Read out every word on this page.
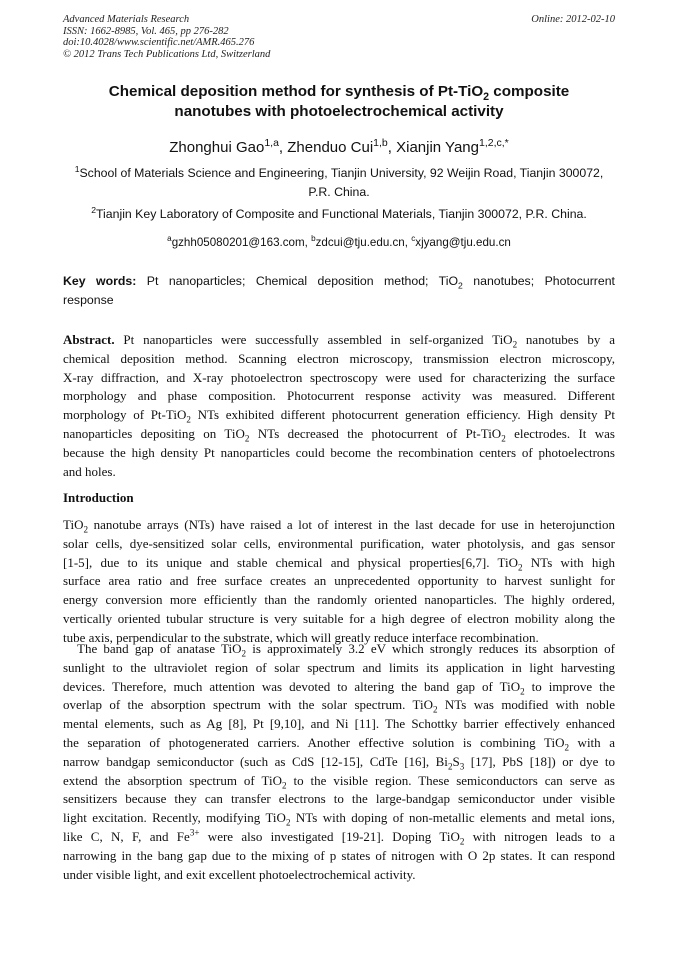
Advanced Materials Research
ISSN: 1662-8985, Vol. 465, pp 276-282
doi:10.4028/www.scientific.net/AMR.465.276
© 2012 Trans Tech Publications Ltd, Switzerland
Online: 2012-02-10
Chemical deposition method for synthesis of Pt-TiO$_2$ composite
nanotubes with photoelectrochemical activity
Zhonghui Gao$^{1,a}$, Zhenduo Cui$^{1,b}$, Xianjin Yang$^{1,2,c,*}$
$^1$School of Materials Science and Engineering, Tianjin University, 92 Weijin Road, Tianjin 300072,
P.R. China.
$^2$Tianjin Key Laboratory of Composite and Functional Materials, Tianjin 300072, P.R. China.
$^a$gzhh05080201@163.com, $^b$zdcui@tju.edu.cn, $^c$xjyang@tju.edu.cn
Key words: Pt nanoparticles; Chemical deposition method; TiO$_2$ nanotubes; Photocurrent
response
Abstract. Pt nanoparticles were successfully assembled in self-organized TiO$_2$ nanotubes by a
chemical deposition method. Scanning electron microscopy, transmission electron microscopy,
X-ray diffraction, and X-ray photoelectron spectroscopy were used for characterizing the surface
morphology and phase composition. Photocurrent response activity was measured. Different
morphology of Pt-TiO$_2$ NTs exhibited different photocurrent generation efficiency. High density Pt
nanoparticles depositing on TiO$_2$ NTs decreased the photocurrent of Pt-TiO$_2$ electrodes. It was
because the high density Pt nanoparticles could become the recombination centers of photoelectrons
and holes.
Introduction
TiO$_2$ nanotube arrays (NTs) have raised a lot of interest in the last decade for use in heterojunction
solar cells, dye-sensitized solar cells, environmental purification, water photolysis, and gas sensor
[1-5], due to its unique and stable chemical and physical properties[6,7]. TiO$_2$ NTs with high
surface area ratio and free surface creates an unprecedented opportunity to harvest sunlight for
energy conversion more efficiently than the randomly oriented nanoparticles. The highly ordered,
vertically oriented tubular structure is very suitable for a high degree of electron mobility along the
tube axis, perpendicular to the substrate, which will greatly reduce interface recombination.
The band gap of anatase TiO$_2$ is approximately 3.2 eV which strongly reduces its absorption of
sunlight to the ultraviolet region of solar spectrum and limits its application in light harvesting
devices. Therefore, much attention was devoted to altering the band gap of TiO$_2$ to improve the
overlap of the absorption spectrum with the solar spectrum. TiO$_2$ NTs was modified with noble
mental elements, such as Ag [8], Pt [9,10], and Ni [11]. The Schottky barrier effectively enhanced
the separation of photogenerated carriers. Another effective solution is combining TiO$_2$ with a
narrow bandgap semiconductor (such as CdS [12-15], CdTe [16], $Bi_2S_3$ [17], PbS [18]) or dye to
extend the absorption spectrum of TiO$_2$ to the visible region. These semiconductors can serve as
sensitizers because they can transfer electrons to the large-bandgap semiconductor under visible
light excitation. Recently, modifying TiO$_2$ NTs with doping of non-metallic elements and metal ions,
like C, N, F, and $Fe^{3+}$ were also investigated [19-21]. Doping TiO$_2$ with nitrogen leads to a
narrowing in the bang gap due to the mixing of p states of nitrogen with O 2p states. It can respond
under visible light, and exit excellent photoelectrochemical activity.
